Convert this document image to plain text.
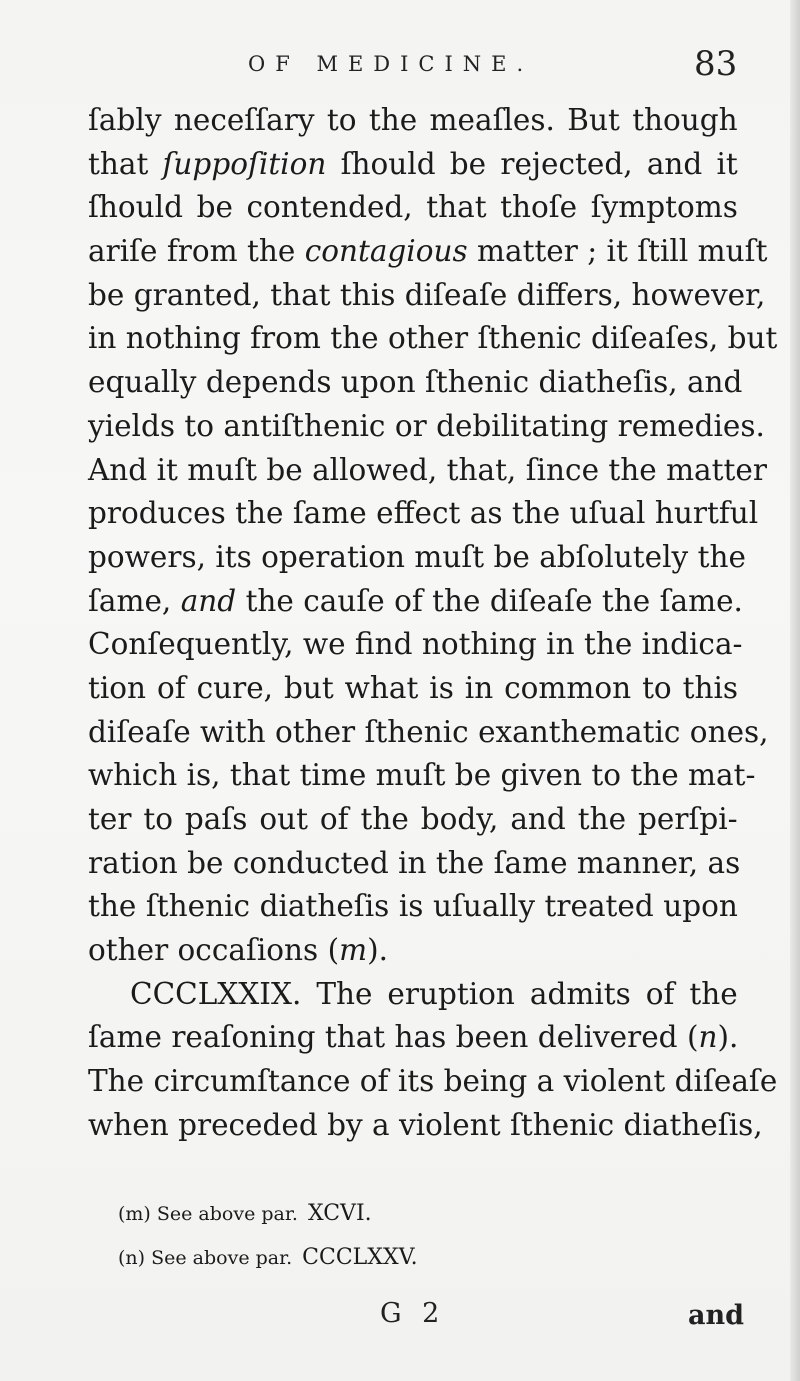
OF MEDICINE.	83
ſably neceſſary to the meaſles. But though
that ſuppoſition ſhould be rejected, and it
ſhould be contended, that thoſe ſymptoms
ariſe from the contagious matter ; it ſtill muſt
be granted, that this diſeaſe differs, however,
in nothing from the other ſthenic diſeaſes, but
equally depends upon ſthenic diatheſis, and
yields to antiſthenic or debilitating remedies.
And it muſt be allowed, that, ſince the matter
produces the ſame effect as the uſual hurtful
powers, its operation muſt be abſolutely the
ſame, and the cauſe of the diſeaſe the ſame.
Conſequently, we find nothing in the indica-
tion of cure, but what is in common to this
diſeaſe with other ſthenic exanthematic ones,
which is, that time muſt be given to the mat-
ter to paſs out of the body, and the perſpi-
ration be conducted in the ſame manner, as
the ſthenic diatheſis is uſually treated upon
other occaſions (m).
CCCLXXIX. The eruption admits of the
ſame reaſoning that has been delivered (n).
The circumſtance of its being a violent diſeaſe
when preceded by a violent ſthenic diatheſis,
(m) See above par. XCVI.
(n) See above par. CCCLXXV.
G 2	and
